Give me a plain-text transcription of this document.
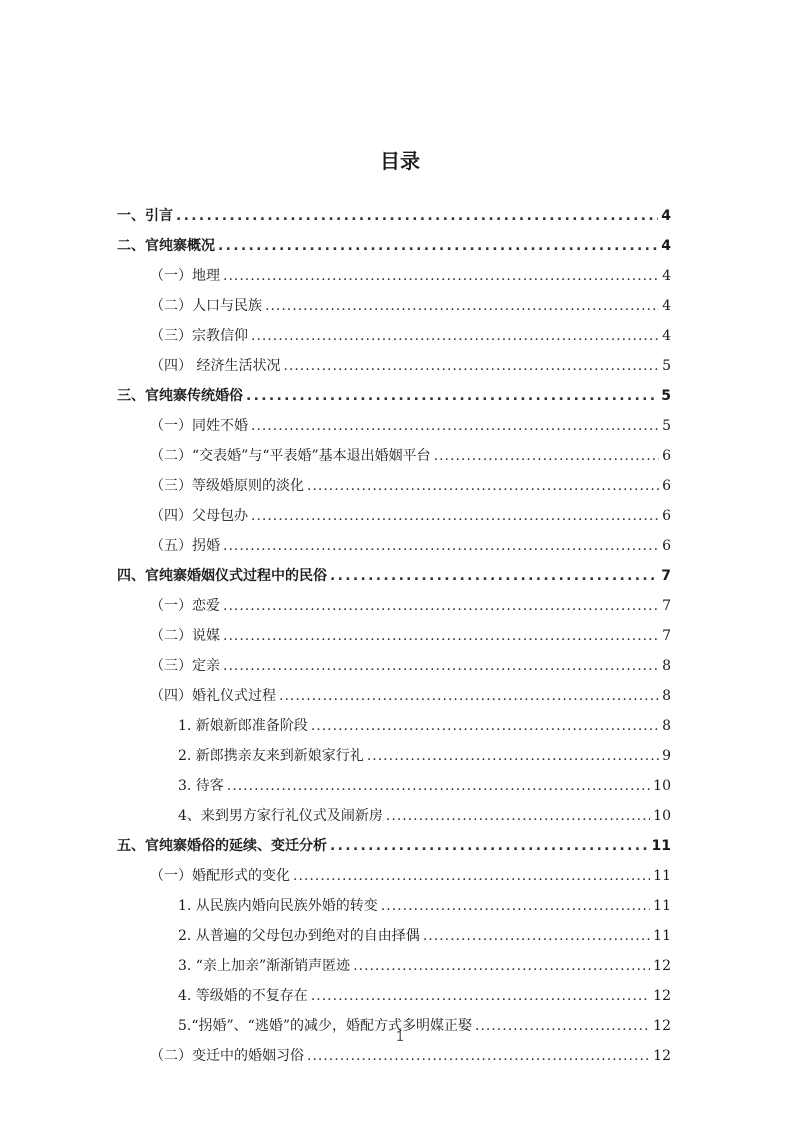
目录
一、引言 .....	4
二、官纯寨概况 .....	4
（一）地理 .....	4
（二）人口与民族 .....	4
（三）宗教信仰 .....	4
（四） 经济生活状况 .....	5
三、官纯寨传统婚俗 .....	5
（一）同姓不婚 .....	5
（二）“交表婚”与“平表婚”基本退出婚姻平台 .....	6
（三）等级婚原则的淡化 .....	6
（四）父母包办 .....	6
（五）拐婚 .....	6
四、官纯寨婚姻仪式过程中的民俗 .....	7
（一）恋爱 .....	7
（二）说媒 .....	7
（三）定亲 .....	8
（四）婚礼仪式过程 .....	8
1. 新娘新郎准备阶段 .....	8
2. 新郎携亲友来到新娘家行礼 .....	9
3. 待客 .....	10
4、来到男方家行礼仪式及闹新房 .....	10
五、官纯寨婚俗的延续、变迁分析 .....	11
（一）婚配形式的变化 .....	11
1. 从民族内婚向民族外婚的转变 .....	11
2. 从普遍的父母包办到绝对的自由择偶 .....	11
3. “亲上加亲”渐渐销声匿迹 .....	12
4. 等级婚的不复存在 .....	12
5.“拐婚”、“逃婚”的减少，婚配方式多明媒正娶 .....	12
（二）变迁中的婚姻习俗 .....	12
1
